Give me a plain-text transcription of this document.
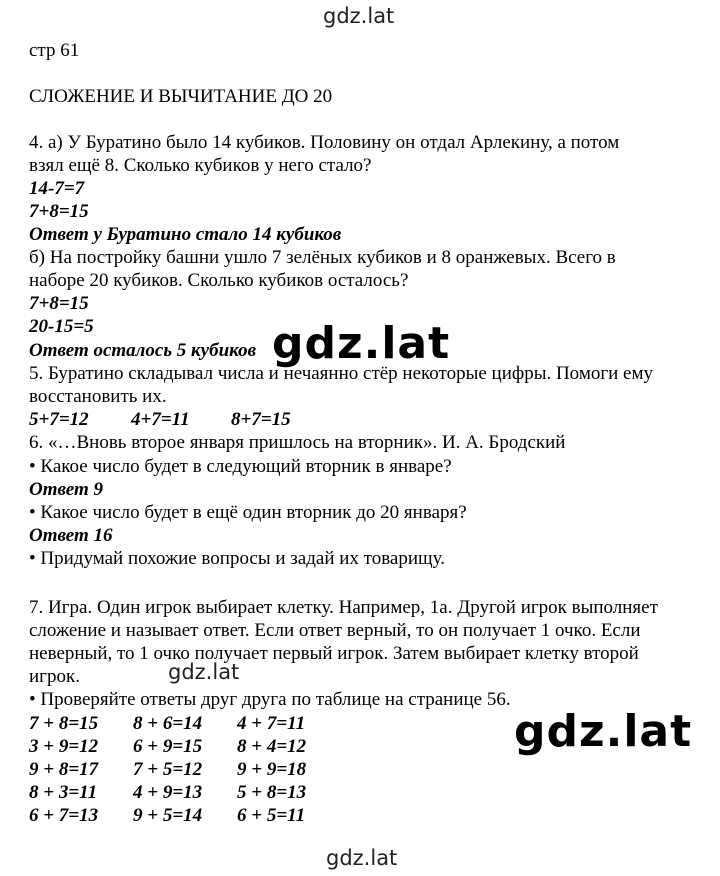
gdz.lat
gdz.lat
gdz.lat
gdz.lat
gdz.lat
стр 61
СЛОЖЕНИЕ И ВЫЧИТАНИЕ ДО 20
4. а) У Буратино было 14 кубиков. Половину он отдал Арлекину, а потом
взял ещё 8. Сколько кубиков у него стало?
14-7=7
7+8=15
Ответ у Буратино стало 14 кубиков
б) На постройку башни ушло 7 зелёных кубиков и 8 оранжевых. Всего в
наборе 20 кубиков. Сколько кубиков осталось?
7+8=15
20-15=5
Ответ осталось 5 кубиков
5. Буратино складывал числа и нечаянно стёр некоторые цифры. Помоги ему
восстановить их.
5+7=12 4+7=11 8+7=15
6. «…Вновь второе января пришлось на вторник». И. А. Бродский
• Какое число будет в следующий вторник в январе?
Ответ 9
• Какое число будет в ещё один вторник до 20 января?
Ответ 16
• Придумай похожие вопросы и задай их товарищу.
7. Игра. Один игрок выбирает клетку. Например, 1а. Другой игрок выполняет
сложение и называет ответ. Если ответ верный, то он получает 1 очко. Если
неверный, то 1 очко получает первый игрок. Затем выбирает клетку второй
игрок.
• Проверяйте ответы друг друга по таблице на странице 56.
7 + 8=15	8 + 6=14	4 + 7=11
3 + 9=12	6 + 9=15	8 + 4=12
9 + 8=17	7 + 5=12	9 + 9=18
8 + 3=11	4 + 9=13	5 + 8=13
6 + 7=13	9 + 5=14	6 + 5=11
